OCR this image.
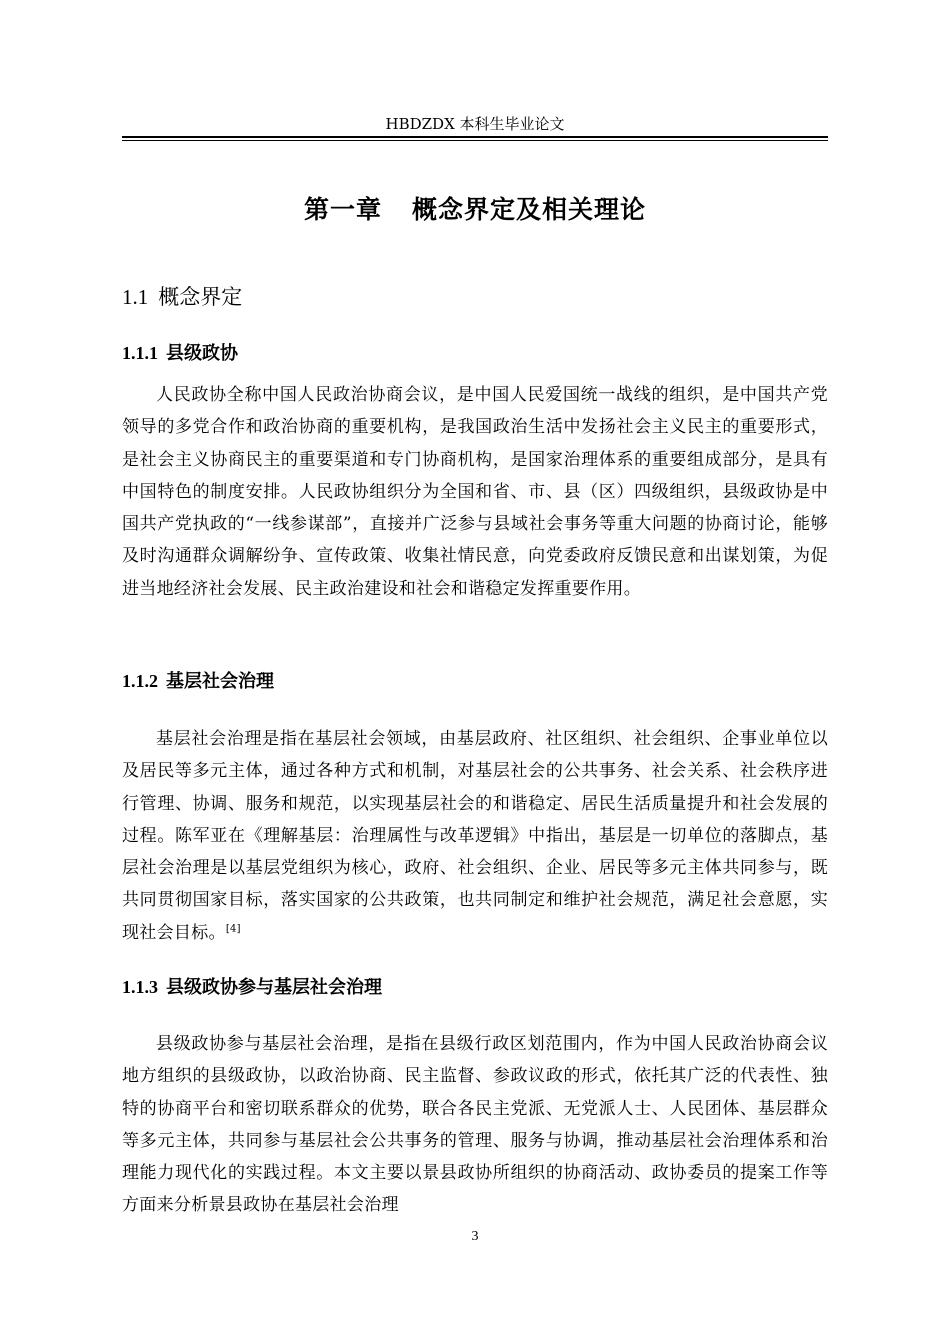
HBDZDX 本科生毕业论文
第一章 概念界定及相关理论
1.1 概念界定
1.1.1 县级政协

人民政协全称中国人民政治协商会议，是中国人民爱国统一战线的组织，是中国共产党领导的多党合作和政治协商的重要机构，是我国政治生活中发扬社会主义民主的重要形式，是社会主义协商民主的重要渠道和专门协商机构，是国家治理体系的重要组成部分，是具有中国特色的制度安排。人民政协组织分为全国和省、市、县（区）四级组织，县级政协是中国共产党执政的“一线参谋部”，直接并广泛参与县域社会事务等重大问题的协商讨论，能够及时沟通群众调解纷争、宣传政策、收集社情民意，向党委政府反馈民意和出谋划策，为促进当地经济社会发展、民主政治建设和社会和谐稳定发挥重要作用。

1.1.2 基层社会治理

基层社会治理是指在基层社会领域，由基层政府、社区组织、社会组织、企事业单位以及居民等多元主体，通过各种方式和机制，对基层社会的公共事务、社会关系、社会秩序进行管理、协调、服务和规范，以实现基层社会的和谐稳定、居民生活质量提升和社会发展的过程。陈军亚在《理解基层：治理属性与改革逻辑》中指出，基层是一切单位的落脚点，基层社会治理是以基层党组织为核心，政府、社会组织、企业、居民等多元主体共同参与，既共同贯彻国家目标，落实国家的公共政策，也共同制定和维护社会规范，满足社会意愿，实现社会目标。[4]

1.1.3 县级政协参与基层社会治理

县级政协参与基层社会治理，是指在县级行政区划范围内，作为中国人民政治协商会议地方组织的县级政协，以政治协商、民主监督、参政议政的形式，依托其广泛的代表性、独特的协商平台和密切联系群众的优势，联合各民主党派、无党派人士、人民团体、基层群众等多元主体，共同参与基层社会公共事务的管理、服务与协调，推动基层社会治理体系和治理能力现代化的实践过程。本文主要以景县政协所组织的协商活动、政协委员的提案工作等方面来分析景县政协在基层社会治理

3
